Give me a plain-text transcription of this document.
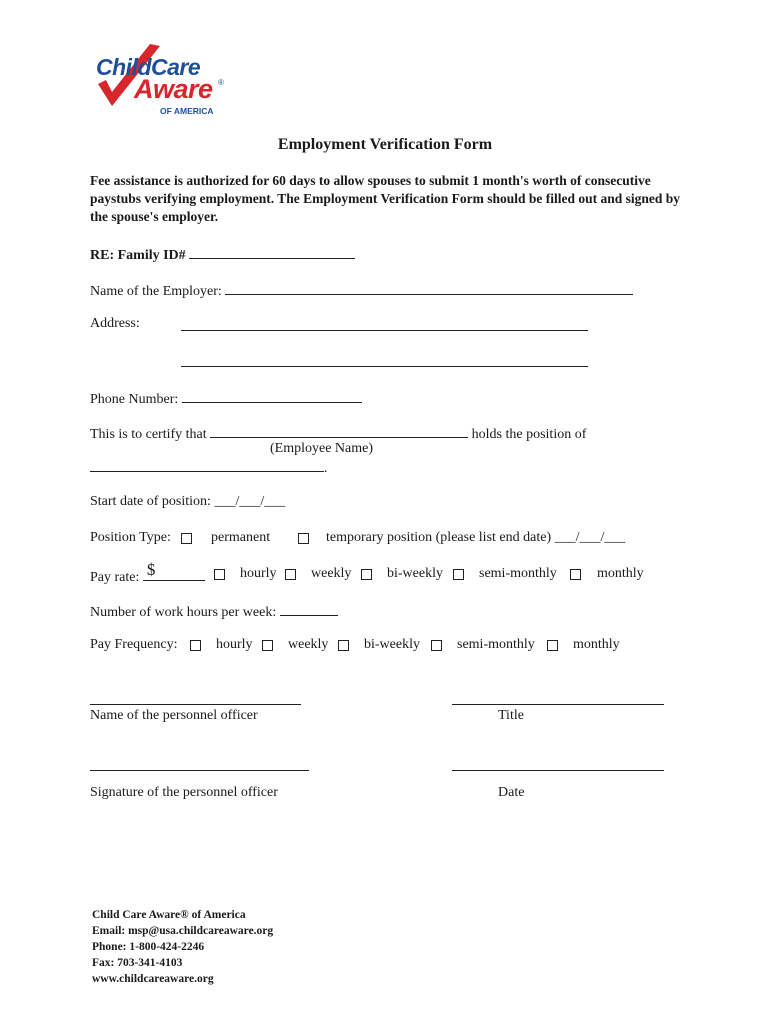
ChildCare
Aware ®
OF AMERICA
Employment Verification Form
Fee assistance is authorized for 60 days to allow spouses to submit 1 month's worth of consecutive paystubs verifying employment. The Employment Verification Form should be filled out and signed by the spouse's employer.
RE: Family ID#
Name of the Employer:
Address:
Phone Number:
This is to certify that	holds the position of
(Employee Name)
.
Start date of position: ___/___/___
Position Type:	permanent	temporary position (please list end date) ___/___/___
Pay rate: $	hourly weekly	bi-weekly	semi-monthly	monthly
Number of work hours per week:
Pay Frequency:	hourly	weekly	bi-weekly	semi-monthly	monthly
Name of the personnel officer	Title
Signature of the personnel officer	Date
Child Care Aware® of America
Email: msp@usa.childcareaware.org
Phone: 1-800-424-2246
Fax: 703-341-4103
www.childcareaware.org
